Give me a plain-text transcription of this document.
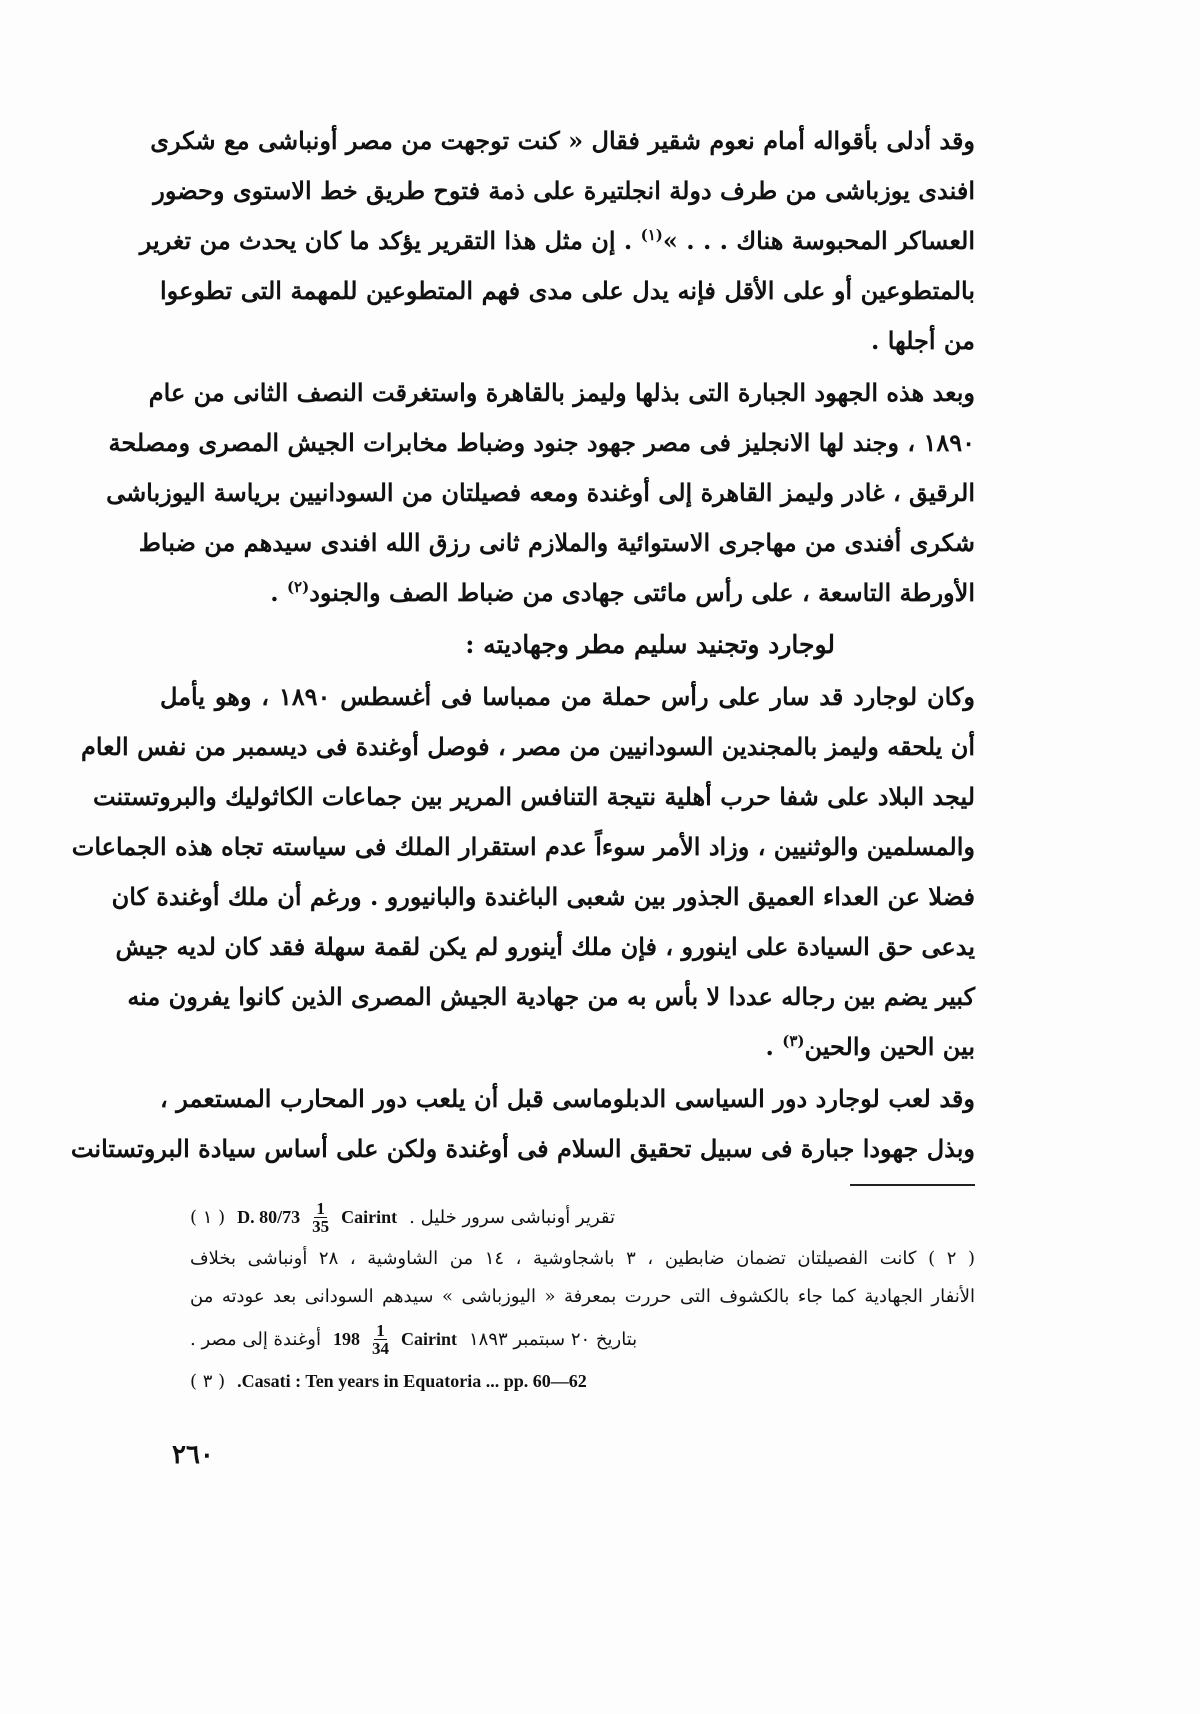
وقد أدلى بأقواله أمام نعوم شقير فقال « كنت توجهت من مصر أونباشى مع شكرى
افندى يوزباشى من طرف دولة انجلتيرة على ذمة فتوح طريق خط الاستوى وحضور
العساكر المحبوسة هناك . . . »$^{(١)}$ . إن مثل هذا التقرير يؤكد ما كان يحدث من تغرير
بالمتطوعين أو على الأقل فإنه يدل على مدى فهم المتطوعين للمهمة التى تطوعوا
من أجلها .
وبعد هذه الجهود الجبارة التى بذلها وليمز بالقاهرة واستغرقت النصف الثانى من عام
١٨٩٠ ، وجند لها الانجليز فى مصر جهود جنود وضباط مخابرات الجيش المصرى ومصلحة
الرقيق ، غادر وليمز القاهرة إلى أوغندة ومعه فصيلتان من السودانيين برياسة اليوزباشى
شكرى أفندى من مهاجرى الاستوائية والملازم ثانى رزق الله افندى سيدهم من ضباط
الأورطة التاسعة ، على رأس مائتى جهادى من ضباط الصف والجنود$^{(٢)}$ .
لوجارد وتجنيد سليم مطر وجهاديته :
وكان لوجارد قد سار على رأس حملة من ممباسا فى أغسطس ١٨٩٠ ، وهو يأمل
أن يلحقه وليمز بالمجندين السودانيين من مصر ، فوصل أوغندة فى ديسمبر من نفس العام
ليجد البلاد على شفا حرب أهلية نتيجة التنافس المرير بين جماعات الكاثوليك والبروتستنت
والمسلمين والوثنيين ، وزاد الأمر سوءاً عدم استقرار الملك فى سياسته تجاه هذه الجماعات
فضلا عن العداء العميق الجذور بين شعبى الباغندة والبانيورو . ورغم أن ملك أوغندة كان
يدعى حق السيادة على اينورو ، فإن ملك أينورو لم يكن لقمة سهلة فقد كان لديه جيش
كبير يضم بين رجاله عددا لا بأس به من جهادية الجيش المصرى الذين كانوا يفرون منه
بين الحين والحين$^{(٣)}$ .
وقد لعب لوجارد دور السياسى الدبلوماسى قبل أن يلعب دور المحارب المستعمر ،
وبذل جهودا جبارة فى سبيل تحقيق السلام فى أوغندة ولكن على أساس سيادة البروتستانت
( ١ ) D. $80/73 \frac{1}{35}$ Cairint تقرير أونباشى سرور خليل .
( ٢ ) كانت الفصيلتان تضمان ضابطين ، ٣ باشجاوشية ، ١٤ من الشاوشية ، ٢٨ أونباشى بخلاف
الأنفار الجهادية كما جاء بالكشوف التى حررت بمعرفة « اليوزباشى » سيدهم السودانى بعد عودته من
أوغندة إلى مصر . $198 \frac{1}{34}$ Cairint بتاريخ ٢٠ سبتمبر ١٨٩٣
( ٣ ) .Casati : Ten years in Equatoria ... pp. 60—62
٢٦٠
